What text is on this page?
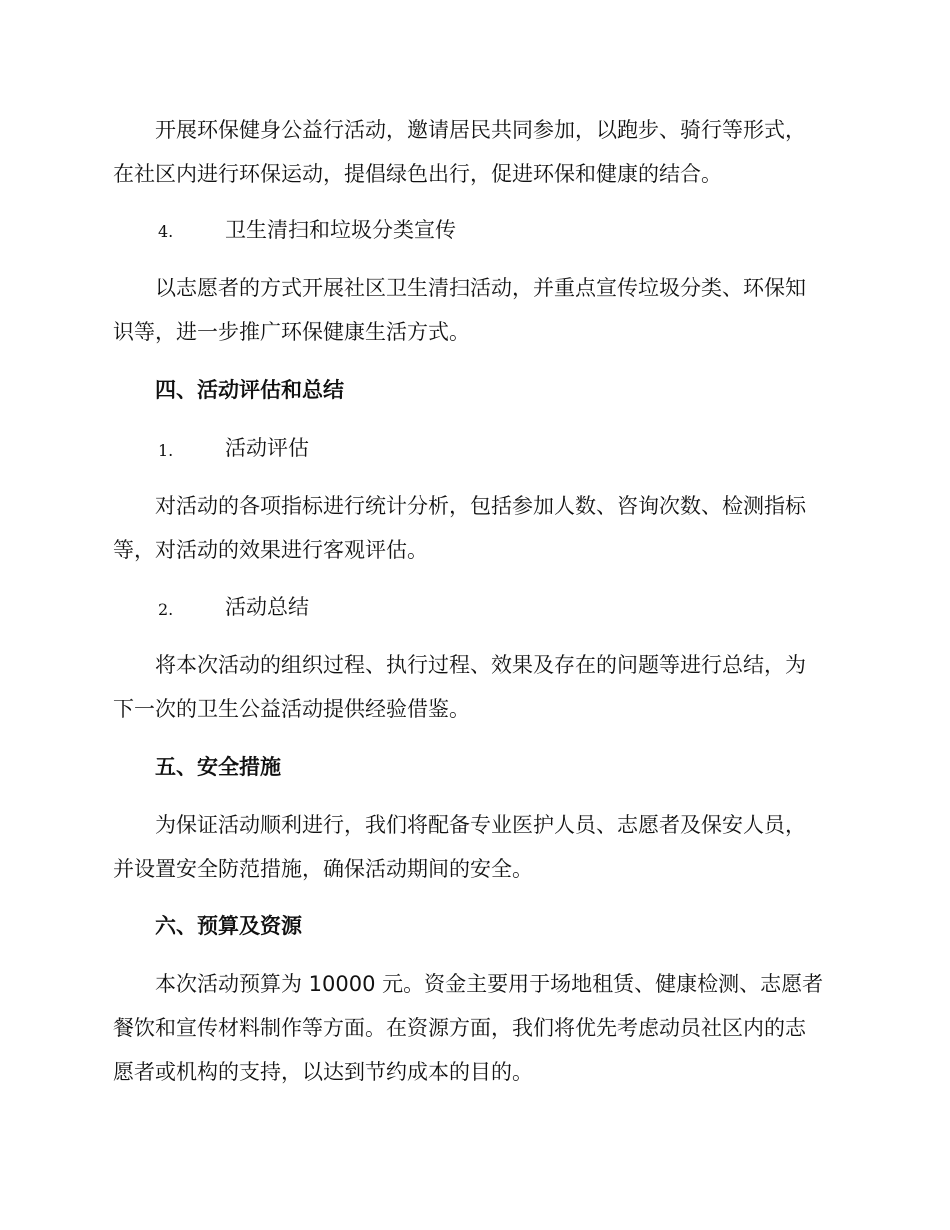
开展环保健身公益行活动，邀请居民共同参加，以跑步、骑行等形式，
在社区内进行环保运动，提倡绿色出行，促进环保和健康的结合。
4. 卫生清扫和垃圾分类宣传
以志愿者的方式开展社区卫生清扫活动，并重点宣传垃圾分类、环保知
识等，进一步推广环保健康生活方式。
四、活动评估和总结
1. 活动评估
对活动的各项指标进行统计分析，包括参加人数、咨询次数、检测指标
等，对活动的效果进行客观评估。
2. 活动总结
将本次活动的组织过程、执行过程、效果及存在的问题等进行总结，为
下一次的卫生公益活动提供经验借鉴。
五、安全措施
为保证活动顺利进行，我们将配备专业医护人员、志愿者及保安人员，
并设置安全防范措施，确保活动期间的安全。
六、预算及资源
本次活动预算为 10000 元。资金主要用于场地租赁、健康检测、志愿者
餐饮和宣传材料制作等方面。在资源方面，我们将优先考虑动员社区内的志
愿者或机构的支持，以达到节约成本的目的。
